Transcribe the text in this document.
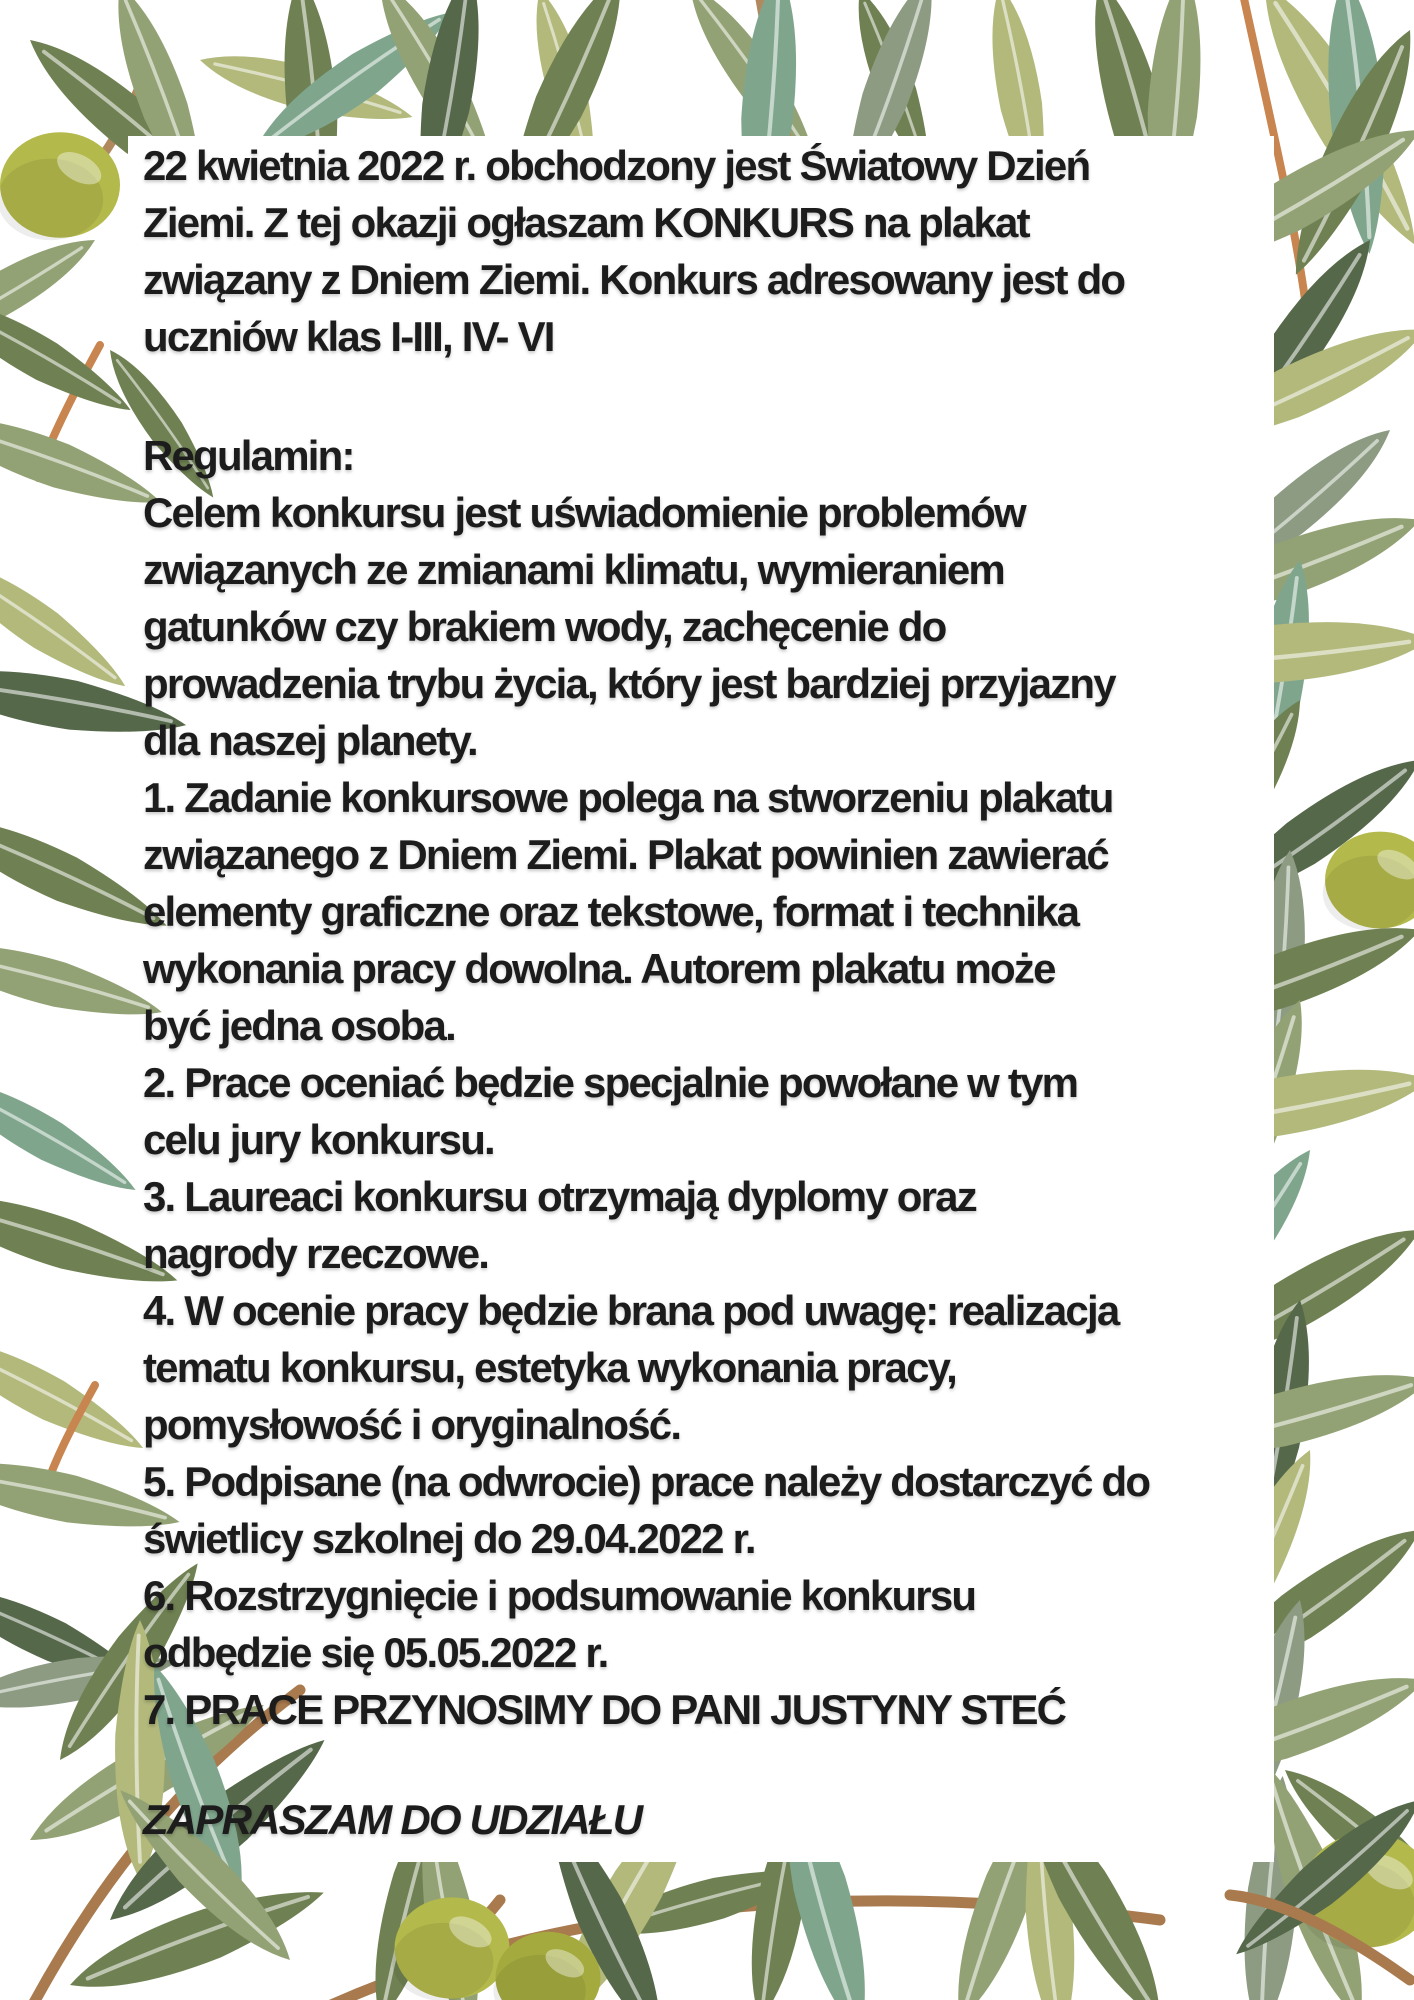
22 kwietnia 2022 r. obchodzony jest Światowy Dzień
Ziemi. Z tej okazji ogłaszam KONKURS na plakat
związany z Dniem Ziemi. Konkurs adresowany jest do
uczniów klas I-III, IV- VI
Regulamin:
Celem konkursu jest uświadomienie problemów
związanych ze zmianami klimatu, wymieraniem
gatunków czy brakiem wody, zachęcenie do
prowadzenia trybu życia, który jest bardziej przyjazny
dla naszej planety.
1. Zadanie konkursowe polega na stworzeniu plakatu
związanego z Dniem Ziemi. Plakat powinien zawierać
elementy graficzne oraz tekstowe, format i technika
wykonania pracy dowolna. Autorem plakatu może
być jedna osoba.
2. Prace oceniać będzie specjalnie powołane w tym
celu jury konkursu.
3. Laureaci konkursu otrzymają dyplomy oraz
nagrody rzeczowe.
4. W ocenie pracy będzie brana pod uwagę: realizacja
tematu konkursu, estetyka wykonania pracy,
pomysłowość i oryginalność.
5. Podpisane (na odwrocie) prace należy dostarczyć do
świetlicy szkolnej do 29.04.2022 r.
6. Rozstrzygnięcie i podsumowanie konkursu
odbędzie się 05.05.2022 r.
7. PRACE PRZYNOSIMY DO PANI JUSTYNY STEĆ
ZAPRASZAM DO UDZIAŁU
